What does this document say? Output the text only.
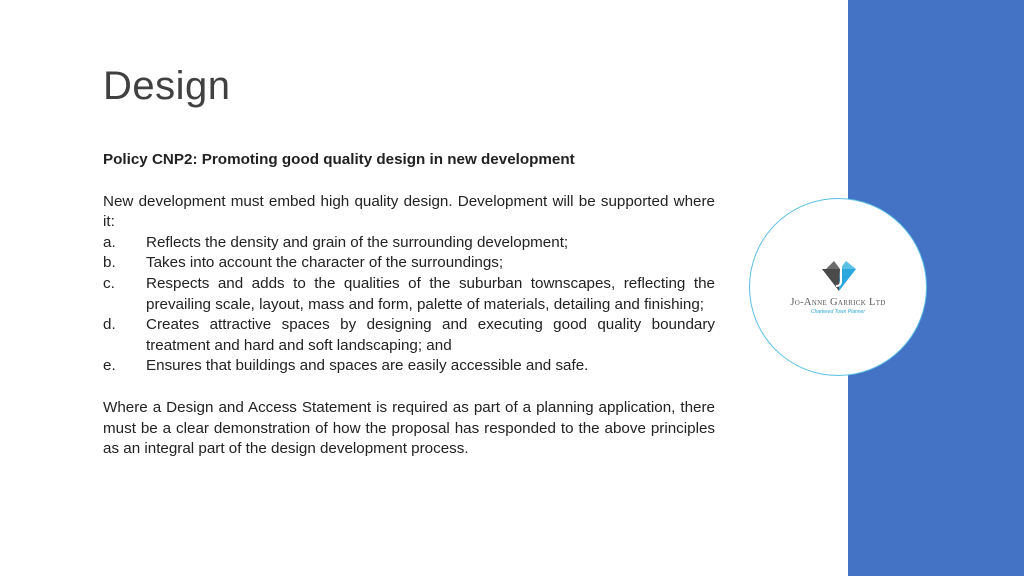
Jo-Anne Garrick Ltd
Chartered Town Planner
Design

Policy CNP2: Promoting good quality design in new development

New development must embed high quality design. Development will be supported where it:

a.	Reflects the density and grain of the surrounding development;
b.	Takes into account the character of the surroundings;
c.	Respects and adds to the qualities of the suburban townscapes, reflecting the prevailing scale, layout, mass and form, palette of materials, detailing and finishing;
d.	Creates attractive spaces by designing and executing good quality boundary treatment and hard and soft landscaping; and
e.	Ensures that buildings and spaces are easily accessible and safe.

Where a Design and Access Statement is required as part of a planning application, there must be a clear demonstration of how the proposal has responded to the above principles as an integral part of the design development process.
